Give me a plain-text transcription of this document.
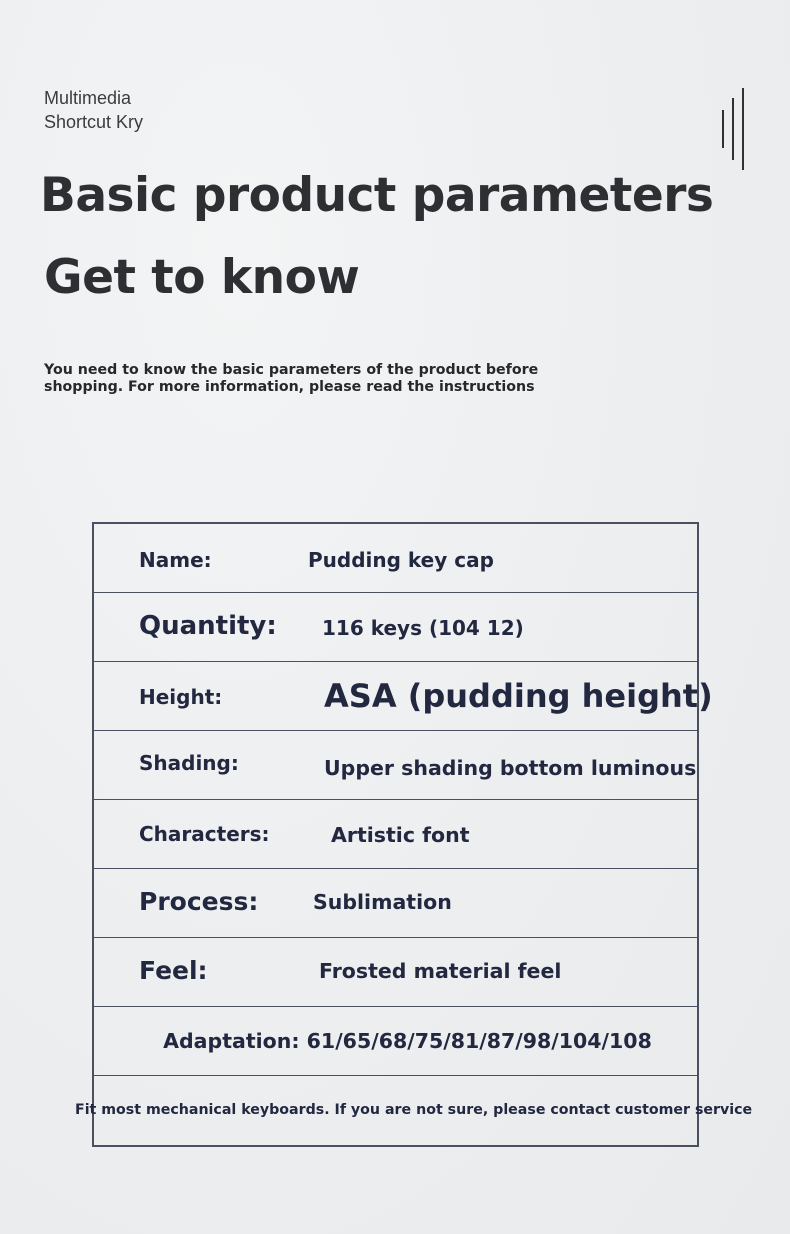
Multimedia
Shortcut Kry
Basic product parameters
Get to know
You need to know the basic parameters of the product before
shopping. For more information, please read the instructions
Name:	Pudding key cap
Quantity: 116 keys (104 12)
Height:	ASA (pudding height)
Shading:	Upper shading bottom luminous
Characters:	Artistic font
Process:	Sublimation
Feel:	Frosted material feel
Adaptation: 61/65/68/75/81/87/98/104/108
Fit most mechanical keyboards. If you are not sure, please contact customer service
